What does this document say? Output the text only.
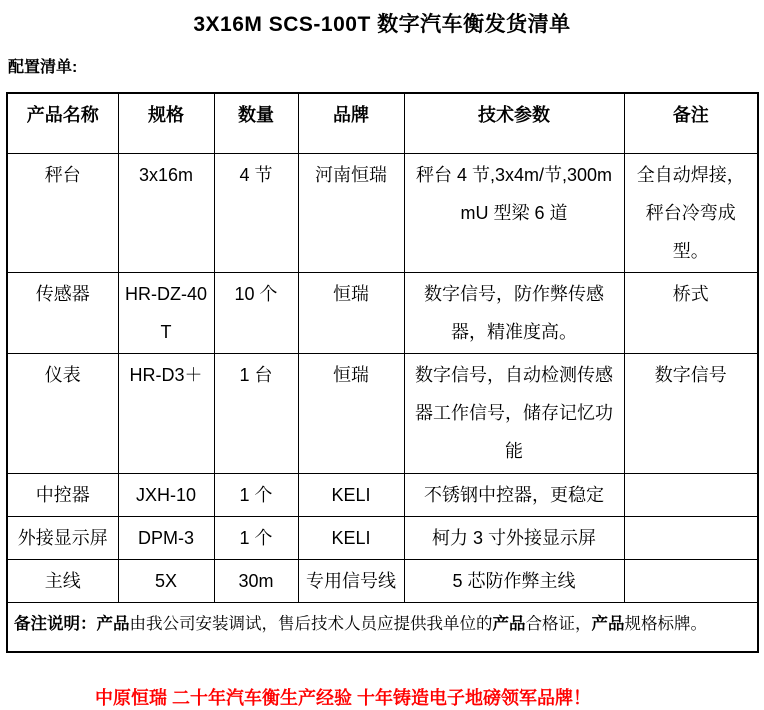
3X16M SCS-100T 数字汽车衡发货清单
配置清单:
产品名称	规格	数量	品牌	技术参数	备注
秤台	3x16m	4 节	河南恒瑞	秤台 4 节,3x4m/节,300mmU 型梁 6 道	全自动焊接，秤台冷弯成型。
传感器	HR-DZ-40T	10 个	恒瑞	数字信号，防作弊传感器，精准度高。	桥式
仪表	HR-D3＋	1 台	恒瑞	数字信号，自动检测传感器工作信号，储存记忆功能	数字信号
中控器	JXH-10	1 个	KELI	不锈钢中控器，更稳定	
外接显示屏	DPM-3	1 个	KELI	柯力 3 寸外接显示屏	
主线	5X	30m	专用信号线	5 芯防作弊主线	
备注说明：产品由我公司安装调试，售后技术人员应提供我单位的产品合格证，产品规格标牌。					
中原恒瑞 二十年汽车衡生产经验 十年铸造电子地磅领军品牌！
